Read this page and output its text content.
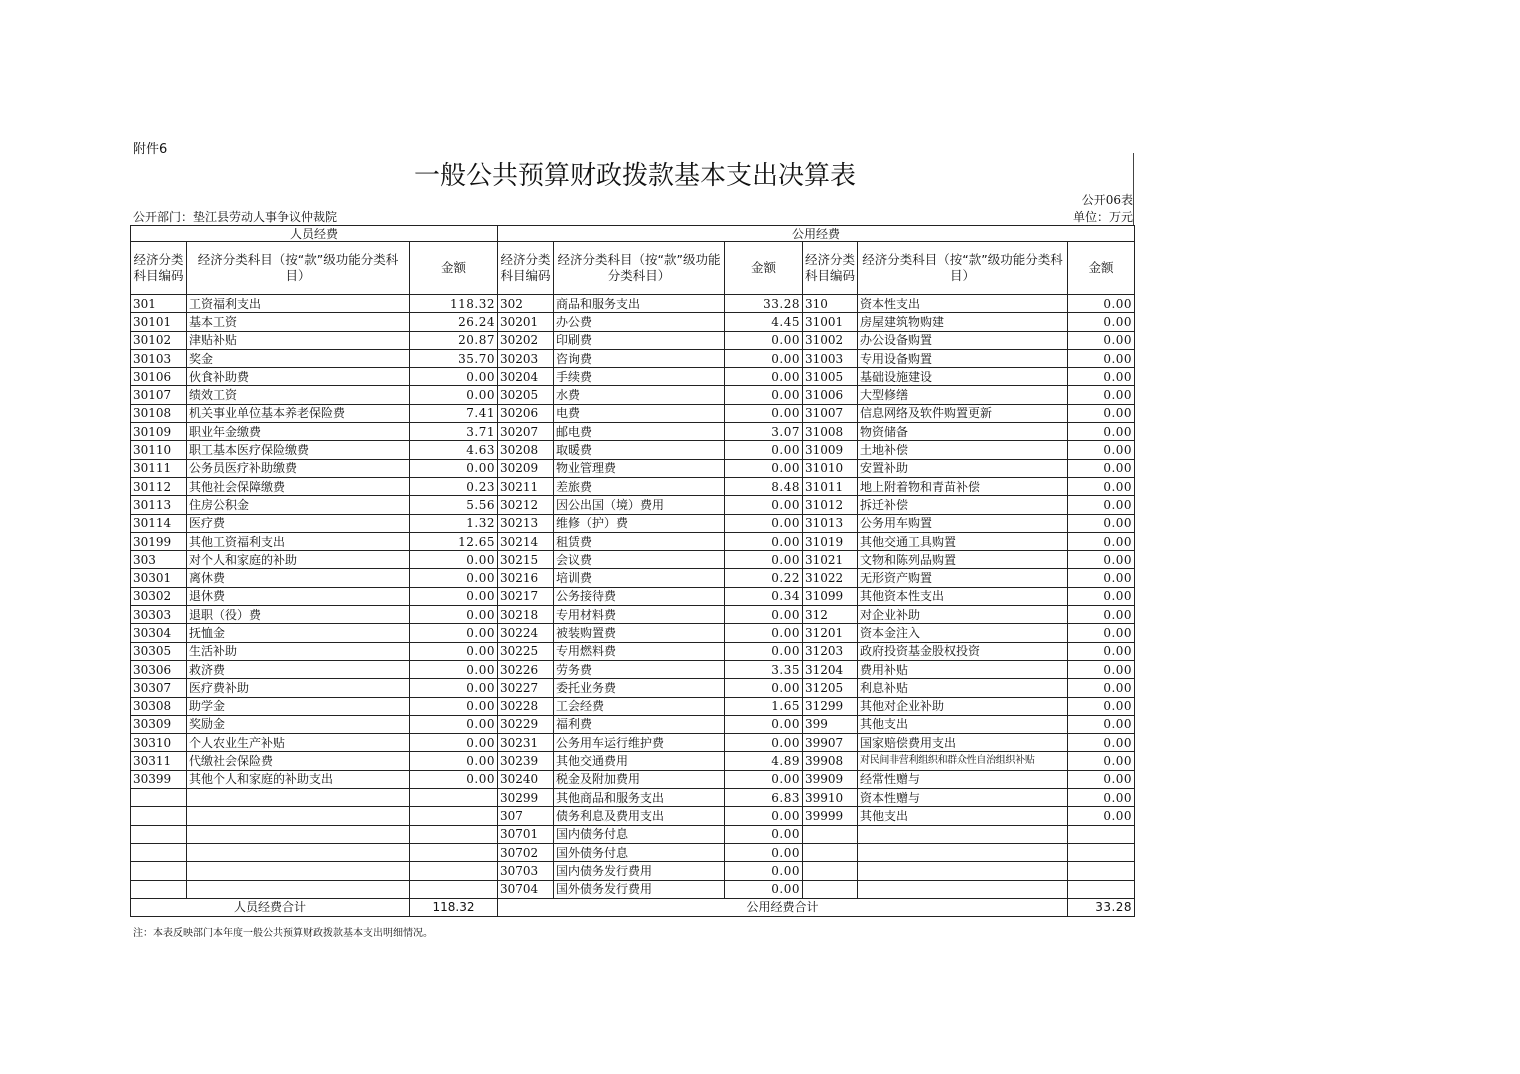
附件6
一般公共预算财政拨款基本支出决算表
公开06表
公开部门：垫江县劳动人事争议仲裁院	单位：万元
人员经费			公用经费					
经济分类科目编码	经济分类科目（按“款”级功能分类科目）	金额	经济分类科目编码	经济分类科目（按“款”级功能分类科目）	金额	经济分类科目编码	经济分类科目（按“款”级功能分类科目）	金额
301	工资福利支出	118.32	302	商品和服务支出	33.28	310	资本性支出	0.00
30101	基本工资	26.24	30201	办公费	4.45	31001	房屋建筑物购建	0.00
30102	津贴补贴	20.87	30202	印刷费	0.00	31002	办公设备购置	0.00
30103	奖金	35.70	30203	咨询费	0.00	31003	专用设备购置	0.00
30106	伙食补助费	0.00	30204	手续费	0.00	31005	基础设施建设	0.00
30107	绩效工资	0.00	30205	水费	0.00	31006	大型修缮	0.00
30108	机关事业单位基本养老保险费	7.41	30206	电费	0.00	31007	信息网络及软件购置更新	0.00
30109	职业年金缴费	3.71	30207	邮电费	3.07	31008	物资储备	0.00
30110	职工基本医疗保险缴费	4.63	30208	取暖费	0.00	31009	土地补偿	0.00
30111	公务员医疗补助缴费	0.00	30209	物业管理费	0.00	31010	安置补助	0.00
30112	其他社会保障缴费	0.23	30211	差旅费	8.48	31011	地上附着物和青苗补偿	0.00
30113	住房公积金	5.56	30212	因公出国（境）费用	0.00	31012	拆迁补偿	0.00
30114	医疗费	1.32	30213	维修（护）费	0.00	31013	公务用车购置	0.00
30199	其他工资福利支出	12.65	30214	租赁费	0.00	31019	其他交通工具购置	0.00
303	对个人和家庭的补助	0.00	30215	会议费	0.00	31021	文物和陈列品购置	0.00
30301	离休费	0.00	30216	培训费	0.22	31022	无形资产购置	0.00
30302	退休费	0.00	30217	公务接待费	0.34	31099	其他资本性支出	0.00
30303	退职（役）费	0.00	30218	专用材料费	0.00	312	对企业补助	0.00
30304	抚恤金	0.00	30224	被装购置费	0.00	31201	资本金注入	0.00
30305	生活补助	0.00	30225	专用燃料费	0.00	31203	政府投资基金股权投资	0.00
30306	救济费	0.00	30226	劳务费	3.35	31204	费用补贴	0.00
30307	医疗费补助	0.00	30227	委托业务费	0.00	31205	利息补贴	0.00
30308	助学金	0.00	30228	工会经费	1.65	31299	其他对企业补助	0.00
30309	奖励金	0.00	30229	福利费	0.00	399	其他支出	0.00
30310	个人农业生产补贴	0.00	30231	公务用车运行维护费	0.00	39907	国家赔偿费用支出	0.00
30311	代缴社会保险费	0.00	30239	其他交通费用	4.89	39908	对民间非营利组织和群众性自治组织补贴	0.00
30399	其他个人和家庭的补助支出	0.00	30240	税金及附加费用	0.00	39909	经常性赠与	0.00
			30299	其他商品和服务支出	6.83	39910	资本性赠与	0.00
			307	债务利息及费用支出	0.00	39999	其他支出	0.00
			30701	国内债务付息	0.00			
			30702	国外债务付息	0.00			
			30703	国内债务发行费用	0.00			
			30704	国外债务发行费用	0.00			
人员经费合计		118.32	公用经费合计					33.28
注：本表反映部门本年度一般公共预算财政拨款基本支出明细情况。
